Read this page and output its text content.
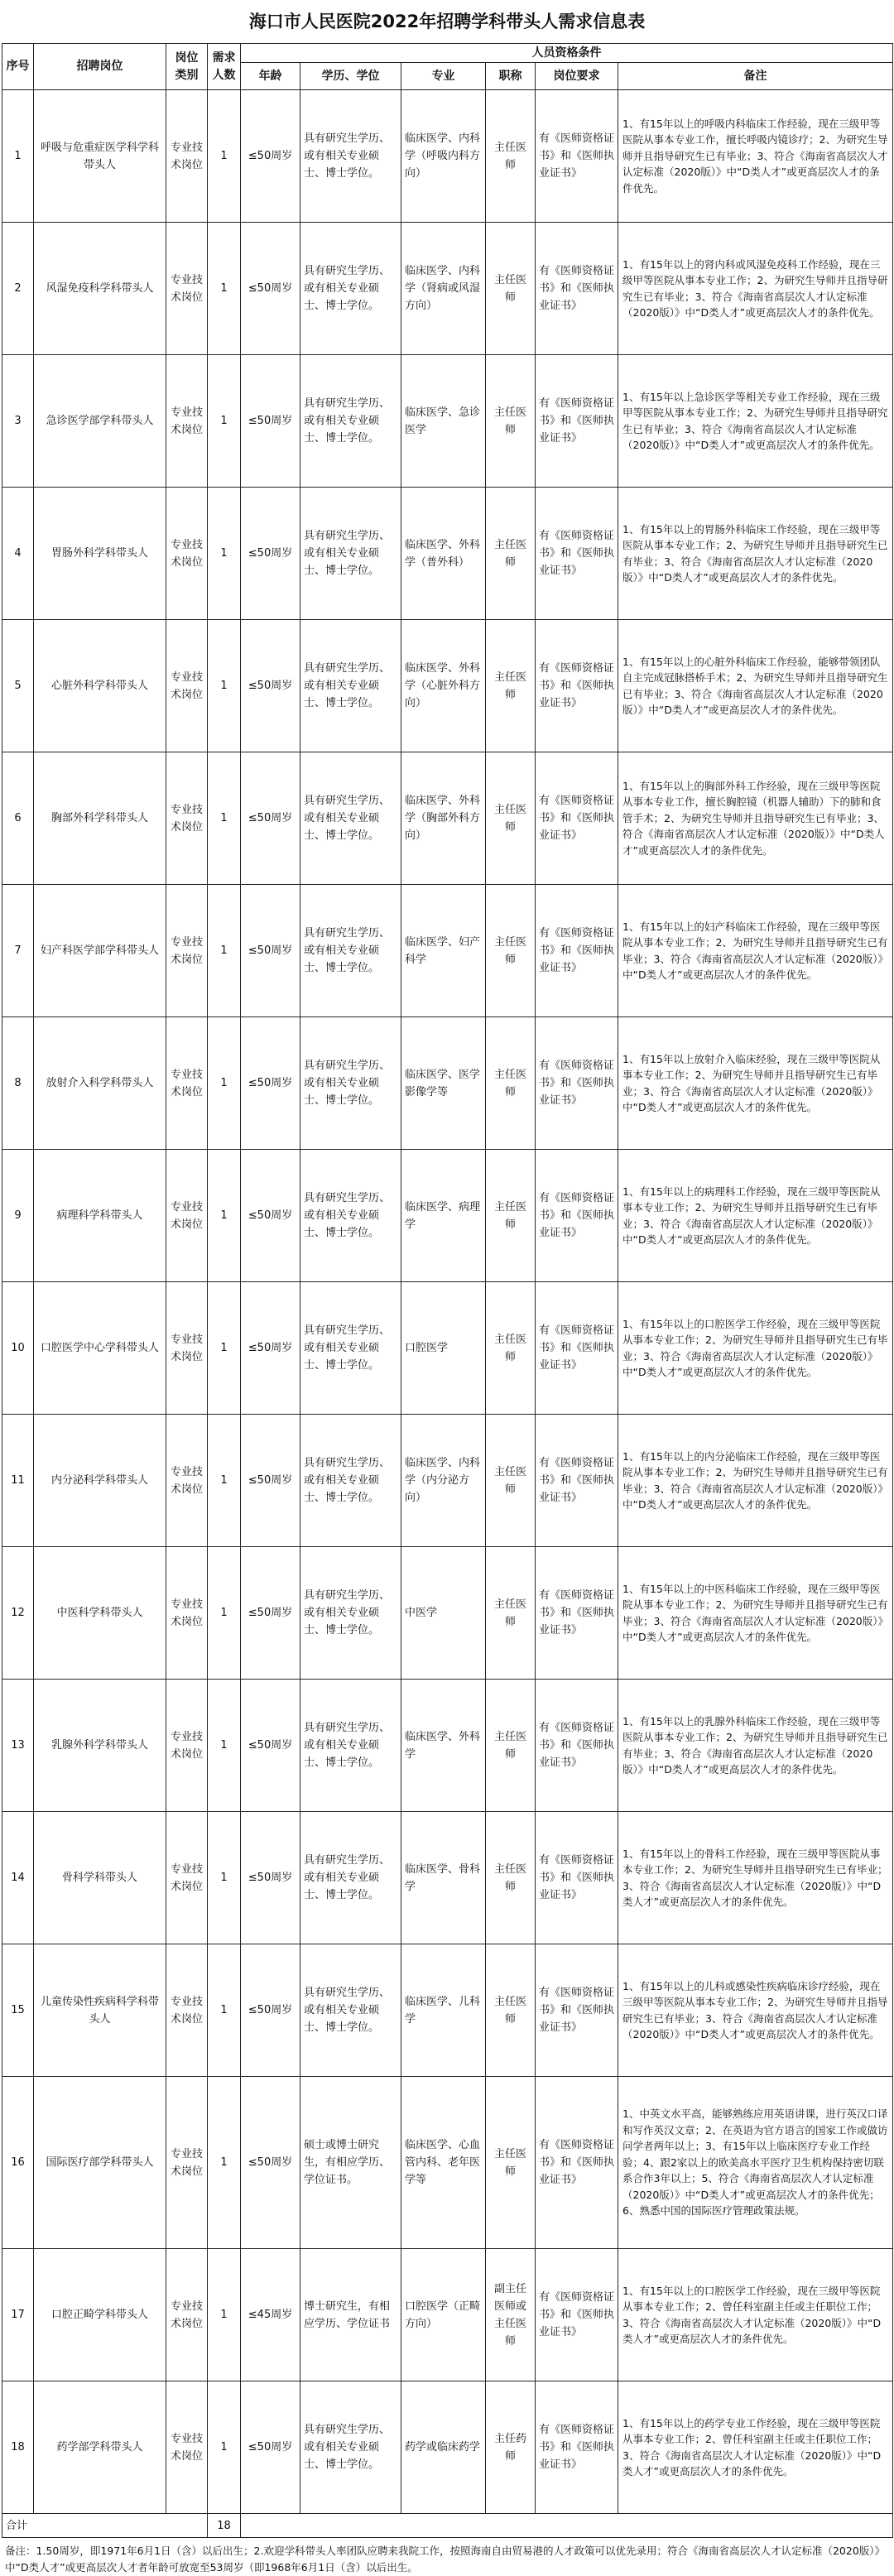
海口市人民医院2022年招聘学科带头人需求信息表
序号	招聘岗位	岗位类别	需求人数	人员资格条件					
				年龄	学历、学位	专业	职称	岗位要求	备注
1	呼吸与危重症医学科学科带头人	专业技术岗位	1	≤50周岁	具有研究生学历、或有相关专业硕士、博士学位。	临床医学、内科学（呼吸内科方向）	主任医师	有《医师资格证书》和《医师执业证书》	1、有15年以上的呼吸内科临床工作经验，现在三级甲等医院从事本专业工作，擅长呼吸内镜诊疗；2、为研究生导师并且指导研究生已有毕业；3、符合《海南省高层次人才认定标准（2020版）》中“D类人才”或更高层次人才的条件优先。
2	风湿免疫科学科带头人	专业技术岗位	1	≤50周岁	具有研究生学历、或有相关专业硕士、博士学位。	临床医学、内科学（肾病或风湿方向）	主任医师	有《医师资格证书》和《医师执业证书》	1、有15年以上的肾内科或风湿免疫科工作经验，现在三级甲等医院从事本专业工作；2、为研究生导师并且指导研究生已有毕业；3、符合《海南省高层次人才认定标准（2020版）》中“D类人才”或更高层次人才的条件优先。
3	急诊医学部学科带头人	专业技术岗位	1	≤50周岁	具有研究生学历、或有相关专业硕士、博士学位。	临床医学、急诊医学	主任医师	有《医师资格证书》和《医师执业证书》	1、有15年以上急诊医学等相关专业工作经验，现在三级甲等医院从事本专业工作；2、为研究生导师并且指导研究生已有毕业；3、符合《海南省高层次人才认定标准（2020版）》中“D类人才”或更高层次人才的条件优先。
4	胃肠外科学科带头人	专业技术岗位	1	≤50周岁	具有研究生学历、或有相关专业硕士、博士学位。	临床医学、外科学（普外科）	主任医师	有《医师资格证书》和《医师执业证书》	1、有15年以上的胃肠外科临床工作经验，现在三级甲等医院从事本专业工作；2、为研究生导师并且指导研究生已有毕业；3、符合《海南省高层次人才认定标准（2020版）》中“D类人才”或更高层次人才的条件优先。
5	心脏外科学科带头人	专业技术岗位	1	≤50周岁	具有研究生学历、或有相关专业硕士、博士学位。	临床医学、外科学（心脏外科方向）	主任医师	有《医师资格证书》和《医师执业证书》	1、有15年以上的心脏外科临床工作经验，能够带领团队自主完成冠脉搭桥手术；2、为研究生导师并且指导研究生已有毕业；3、符合《海南省高层次人才认定标准（2020版）》中“D类人才”或更高层次人才的条件优先。
6	胸部外科学科带头人	专业技术岗位	1	≤50周岁	具有研究生学历、或有相关专业硕士、博士学位。	临床医学、外科学（胸部外科方向）	主任医师	有《医师资格证书》和《医师执业证书》	1、有15年以上的胸部外科工作经验，现在三级甲等医院从事本专业工作，擅长胸腔镜（机器人辅助）下的肺和食管手术；2、为研究生导师并且指导研究生已有毕业；3、符合《海南省高层次人才认定标准（2020版）》中“D类人才”或更高层次人才的条件优先。
7	妇产科医学部学科带头人	专业技术岗位	1	≤50周岁	具有研究生学历、或有相关专业硕士、博士学位。	临床医学、妇产科学	主任医师	有《医师资格证书》和《医师执业证书》	1、有15年以上的妇产科临床工作经验，现在三级甲等医院从事本专业工作；2、为研究生导师并且指导研究生已有毕业；3、符合《海南省高层次人才认定标准（2020版）》中“D类人才”或更高层次人才的条件优先。
8	放射介入科学科带头人	专业技术岗位	1	≤50周岁	具有研究生学历、或有相关专业硕士、博士学位。	临床医学、医学影像学等	主任医师	有《医师资格证书》和《医师执业证书》	1、有15年以上放射介入临床经验，现在三级甲等医院从事本专业工作；2、为研究生导师并且指导研究生已有毕业；3、符合《海南省高层次人才认定标准（2020版）》中“D类人才”或更高层次人才的条件优先。
9	病理科学科带头人	专业技术岗位	1	≤50周岁	具有研究生学历、或有相关专业硕士、博士学位。	临床医学、病理学	主任医师	有《医师资格证书》和《医师执业证书》	1、有15年以上的病理科工作经验，现在三级甲等医院从事本专业工作；2、为研究生导师并且指导研究生已有毕业；3、符合《海南省高层次人才认定标准（2020版）》中“D类人才”或更高层次人才的条件优先。
10	口腔医学中心学科带头人	专业技术岗位	1	≤50周岁	具有研究生学历、或有相关专业硕士、博士学位。	口腔医学	主任医师	有《医师资格证书》和《医师执业证书》	1、有15年以上的口腔医学工作经验，现在三级甲等医院从事本专业工作；2、为研究生导师并且指导研究生已有毕业；3、符合《海南省高层次人才认定标准（2020版）》中“D类人才”或更高层次人才的条件优先。
11	内分泌科学科带头人	专业技术岗位	1	≤50周岁	具有研究生学历、或有相关专业硕士、博士学位。	临床医学、内科学（内分泌方向）	主任医师	有《医师资格证书》和《医师执业证书》	1、有15年以上的内分泌临床工作经验，现在三级甲等医院从事本专业工作；2、为研究生导师并且指导研究生已有毕业；3、符合《海南省高层次人才认定标准（2020版）》中“D类人才”或更高层次人才的条件优先。
12	中医科学科带头人	专业技术岗位	1	≤50周岁	具有研究生学历、或有相关专业硕士、博士学位。	中医学	主任医师	有《医师资格证书》和《医师执业证书》	1、有15年以上的中医科临床工作经验，现在三级甲等医院从事本专业工作；2、为研究生导师并且指导研究生已有毕业；3、符合《海南省高层次人才认定标准（2020版）》中“D类人才”或更高层次人才的条件优先。
13	乳腺外科学科带头人	专业技术岗位	1	≤50周岁	具有研究生学历、或有相关专业硕士、博士学位。	临床医学、外科学	主任医师	有《医师资格证书》和《医师执业证书》	1、有15年以上的乳腺外科临床工作经验，现在三级甲等医院从事本专业工作；2、为研究生导师并且指导研究生已有毕业；3、符合《海南省高层次人才认定标准（2020版）》中“D类人才”或更高层次人才的条件优先。
14	骨科学科带头人	专业技术岗位	1	≤50周岁	具有研究生学历、或有相关专业硕士、博士学位。	临床医学、骨科学	主任医师	有《医师资格证书》和《医师执业证书》	1、有15年以上的骨科工作经验，现在三级甲等医院从事本专业工作；2、为研究生导师并且指导研究生已有毕业；3、符合《海南省高层次人才认定标准（2020版）》中“D类人才”或更高层次人才的条件优先。
15	儿童传染性疾病科学科带头人	专业技术岗位	1	≤50周岁	具有研究生学历、或有相关专业硕士、博士学位。	临床医学、儿科学	主任医师	有《医师资格证书》和《医师执业证书》	1、有15年以上的儿科或感染性疾病临床诊疗经验，现在三级甲等医院从事本专业工作；2、为研究生导师并且指导研究生已有毕业；3、符合《海南省高层次人才认定标准（2020版）》中“D类人才”或更高层次人才的条件优先。
16	国际医疗部学科带头人	专业技术岗位	1	≤50周岁	硕士或博士研究生，有相应学历、学位证书。	临床医学、心血管内科、老年医学等	主任医师	有《医师资格证书》和《医师执业证书》	1、中英文水平高，能够熟练应用英语讲课，进行英汉口译和写作英汉文章；2、在英语为官方语言的国家工作或做访问学者两年以上；3、有15年以上临床医疗专业工作经验；4、跟2家以上的欧美高水平医疗卫生机构保持密切联系合作3年以上；5、符合《海南省高层次人才认定标准（2020版）》中“D类人才”或更高层次人才的条件优先；6、熟悉中国的国际医疗管理政策法规。
17	口腔正畸学科带头人	专业技术岗位	1	≤45周岁	博士研究生，有相应学历、学位证书	口腔医学（正畸方向）	副主任医师或主任医师	有《医师资格证书》和《医师执业证书》	1、有15年以上的口腔医学工作经验，现在三级甲等医院从事本专业工作；2、曾任科室副主任或主任职位工作；3、符合《海南省高层次人才认定标准（2020版）》中“D类人才”或更高层次人才的条件优先。
18	药学部学科带头人	专业技术岗位	1	≤50周岁	具有研究生学历、或有相关专业硕士、博士学位。	药学或临床药学	主任药师	有《医师资格证书》和《医师执业证书》	1、有15年以上的药学专业工作经验，现在三级甲等医院从事本专业工作；2、曾任科室副主任或主任职位工作；3、符合《海南省高层次人才认定标准（2020版）》中“D类人才”或更高层次人才的条件优先。
合计			18						
备注：1.50周岁，即1971年6月1日（含）以后出生；2.欢迎学科带头人率团队应聘来我院工作，按照海南自由贸易港的人才政策可以优先录用；符合《海南省高层次人才认定标准（2020版）》中“D类人才”或更高层次人才者年龄可放宽至53周岁（即1968年6月1日（含）以后出生。
